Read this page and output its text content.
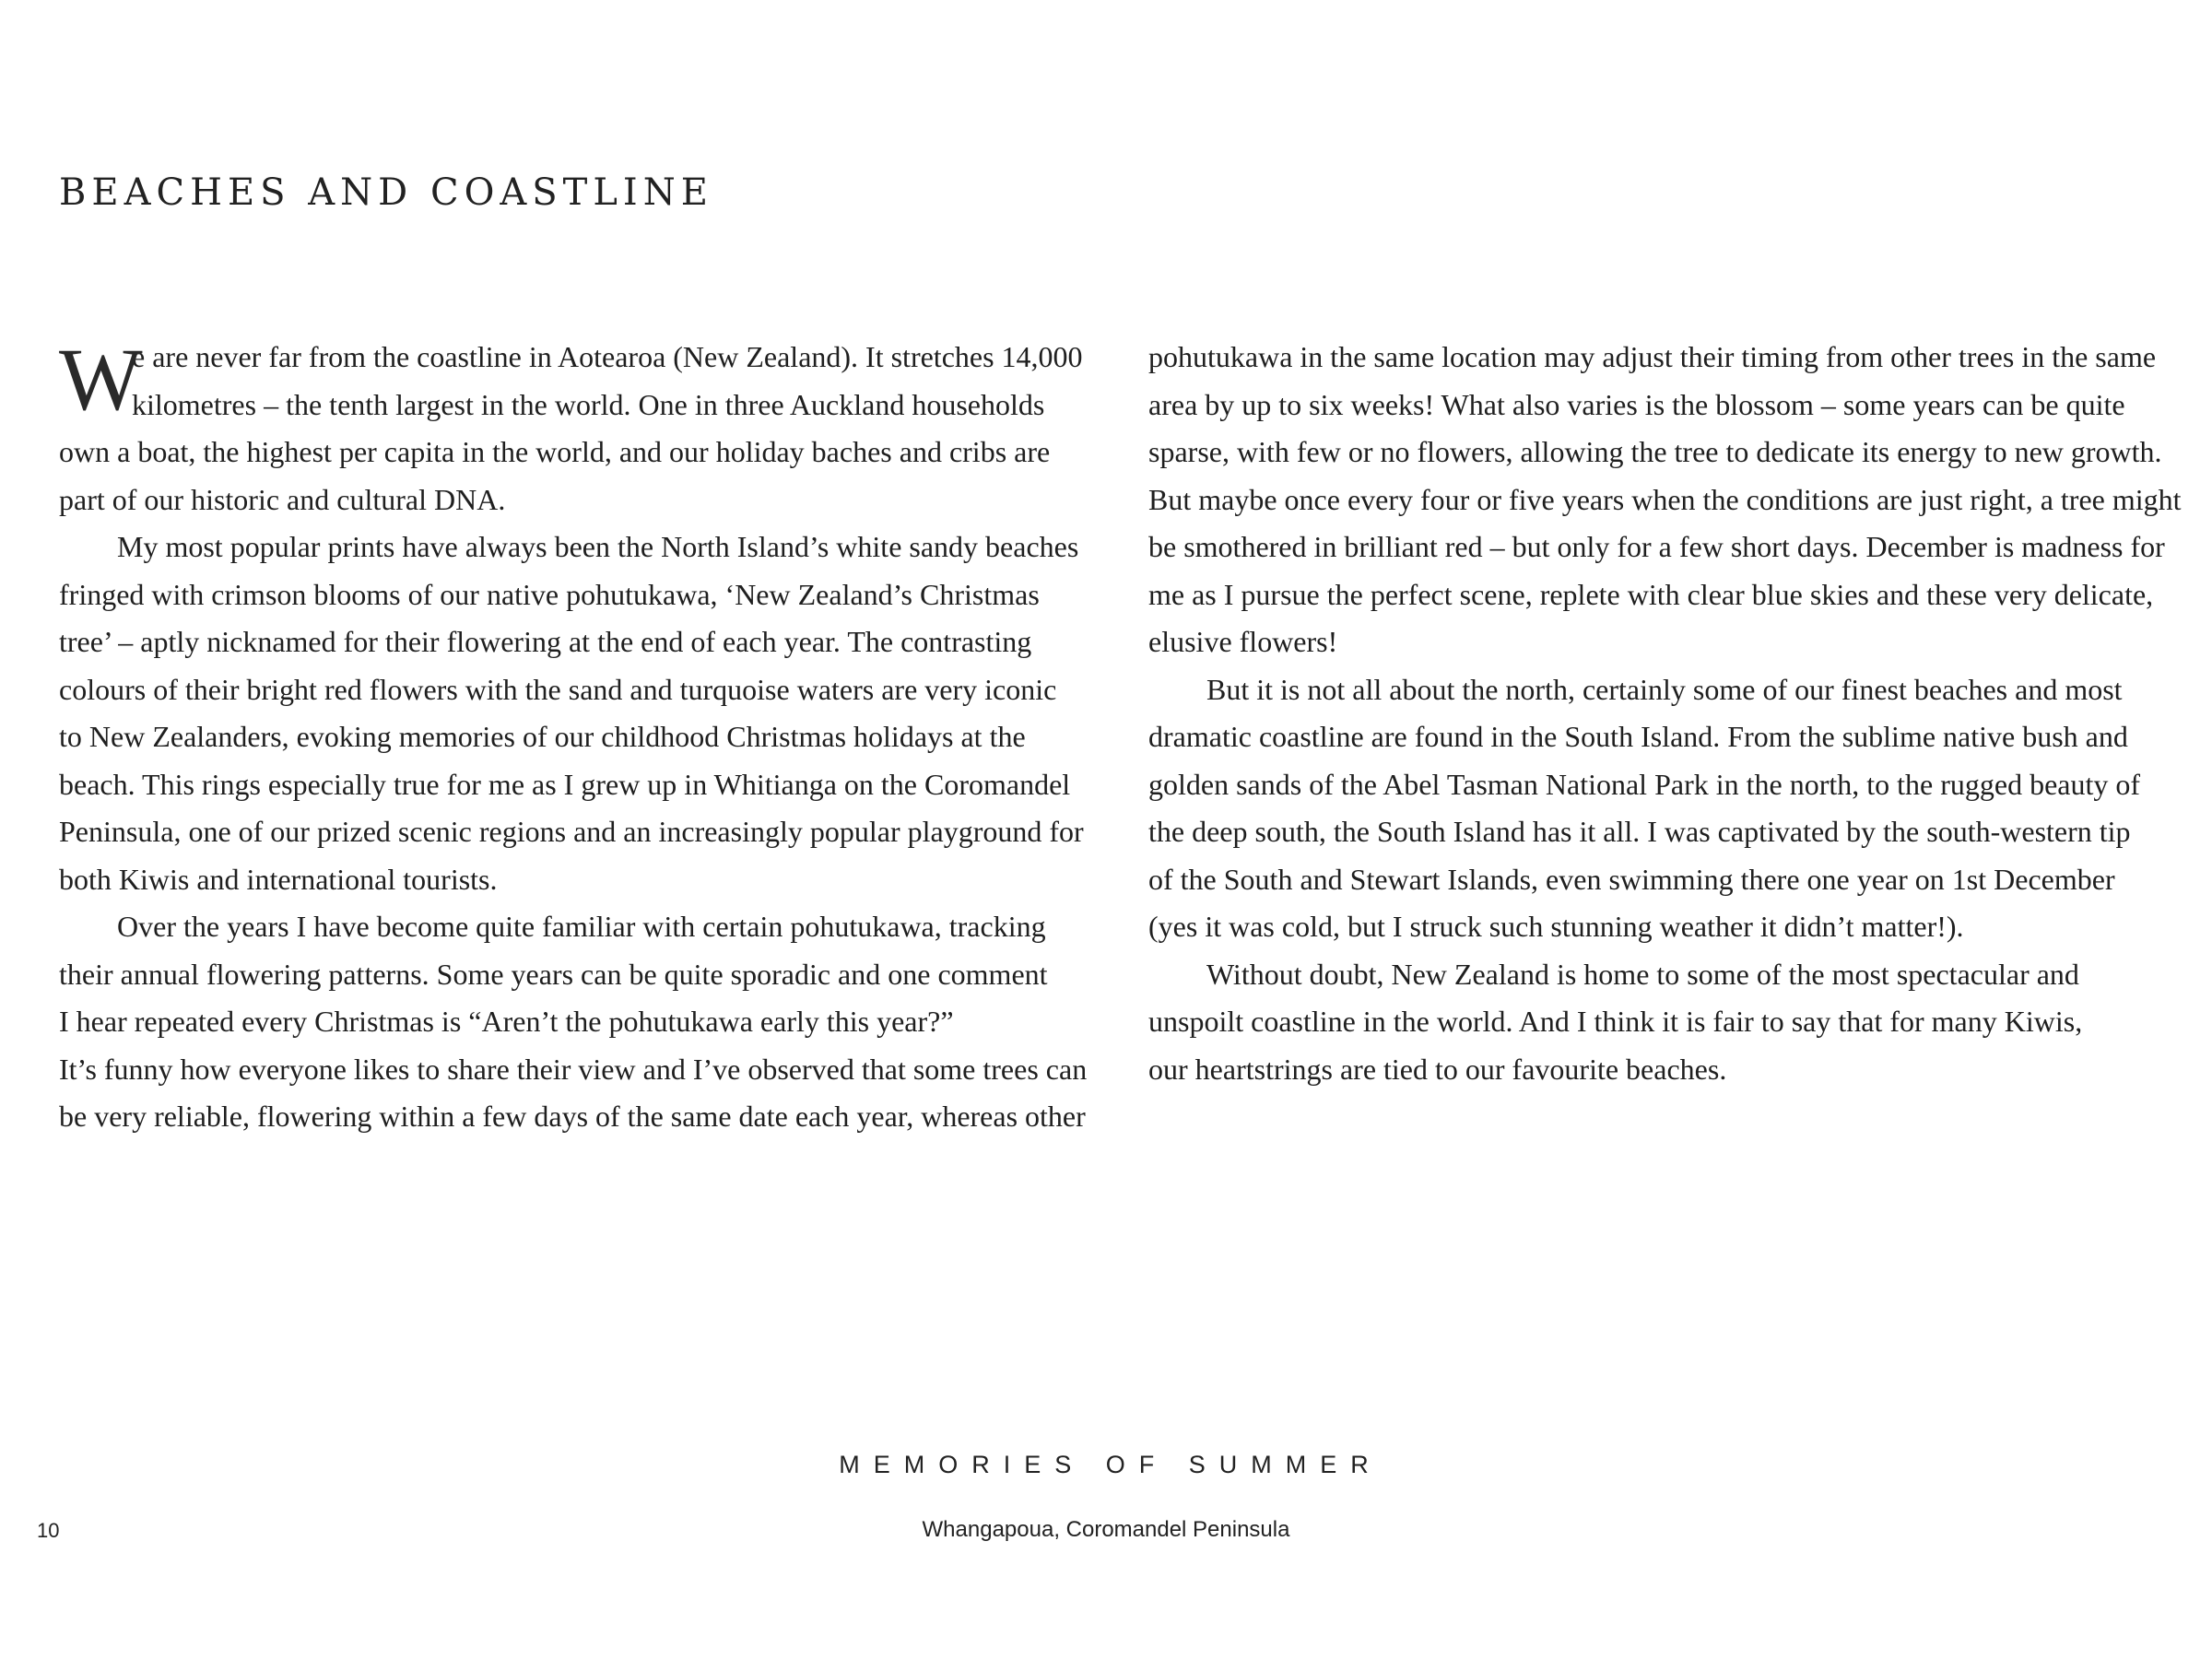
BEACHES AND COASTLINE
W
e are never far from the coastline in Aotearoa (New Zealand). It stretches 14,000
kilometres – the tenth largest in the world. One in three Auckland households
own a boat, the highest per capita in the world, and our holiday baches and cribs are
part of our historic and cultural DNA.
My most popular prints have always been the North Island’s white sandy beaches
fringed with crimson blooms of our native pohutukawa, ‘New Zealand’s Christmas
tree’ – aptly nicknamed for their flowering at the end of each year. The contrasting
colours of their bright red flowers with the sand and turquoise waters are very iconic
to New Zealanders, evoking memories of our childhood Christmas holidays at the
beach. This rings especially true for me as I grew up in Whitianga on the Coromandel
Peninsula, one of our prized scenic regions and an increasingly popular playground for
both Kiwis and international tourists.
Over the years I have become quite familiar with certain pohutukawa, tracking
their annual flowering patterns. Some years can be quite sporadic and one comment
I hear repeated every Christmas is “Aren’t the pohutukawa early this year?”
It’s funny how everyone likes to share their view and I’ve observed that some trees can
be very reliable, flowering within a few days of the same date each year, whereas other
pohutukawa in the same location may adjust their timing from other trees in the same
area by up to six weeks! What also varies is the blossom – some years can be quite
sparse, with few or no flowers, allowing the tree to dedicate its energy to new growth.
But maybe once every four or five years when the conditions are just right, a tree might
be smothered in brilliant red – but only for a few short days. December is madness for
me as I pursue the perfect scene, replete with clear blue skies and these very delicate,
elusive flowers!
But it is not all about the north, certainly some of our finest beaches and most
dramatic coastline are found in the South Island. From the sublime native bush and
golden sands of the Abel Tasman National Park in the north, to the rugged beauty of
the deep south, the South Island has it all. I was captivated by the south-western tip
of the South and Stewart Islands, even swimming there one year on 1st December
(yes it was cold, but I struck such stunning weather it didn’t matter!).
Without doubt, New Zealand is home to some of the most spectacular and
unspoilt coastline in the world. And I think it is fair to say that for many Kiwis,
our heartstrings are tied to our favourite beaches.
MEMORIES OF SUMMER
10	Whangapoua, Coromandel Peninsula
